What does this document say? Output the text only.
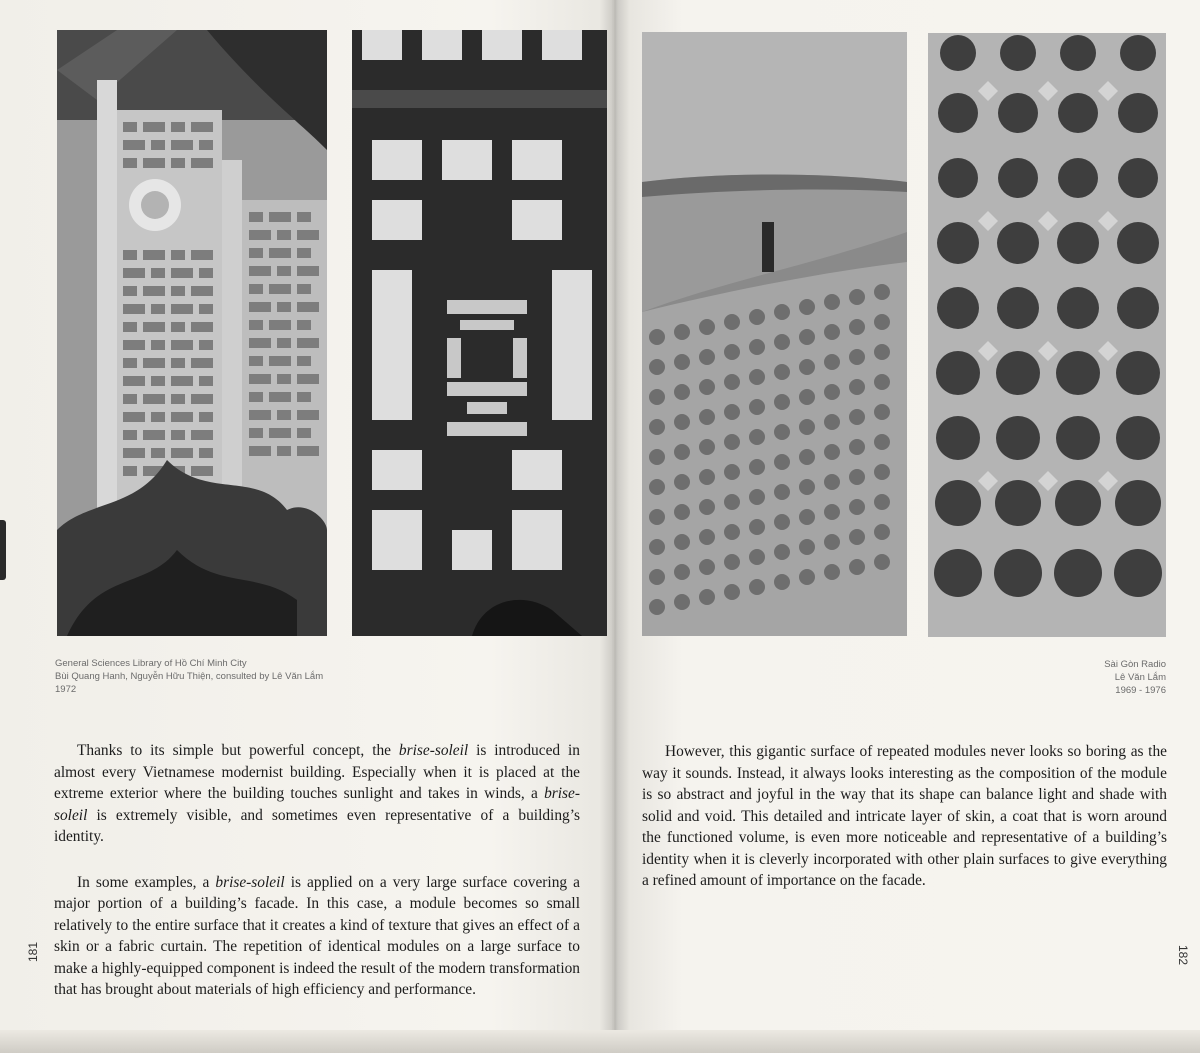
General Sciences Library of Hồ Chí Minh City
Bùi Quang Hanh, Nguyễn Hữu Thiện, consulted by Lê Văn Lắm
1972
Sài Gòn Radio
Lê Văn Lắm
1969 - 1976

Thanks to its simple but powerful concept, the brise-soleil is introduced in almost every Vietnamese modernist building. Especially when it is placed at the extreme exterior where the building touches sunlight and takes in winds, a brise-soleil is extremely visible, and sometimes even representative of a building’s identity.

In some examples, a brise-soleil is applied on a very large surface covering a major portion of a building’s facade. In this case, a module becomes so small relatively to the entire surface that it creates a kind of texture that gives an effect of a skin or a fabric curtain. The repetition of identical modules on a large surface to make a highly-equipped component is indeed the result of the modern transformation that has brought about materials of high efficiency and performance.

However, this gigantic surface of repeated modules never looks so boring as the way it sounds. Instead, it always looks interesting as the composition of the module is so abstract and joyful in the way that its shape can balance light and shade with solid and void. This detailed and intricate layer of skin, a coat that is worn around the functioned volume, is even more noticeable and representative of a building’s identity when it is cleverly incorporated with other plain surfaces to give everything a refined amount of importance on the facade.

181	182
